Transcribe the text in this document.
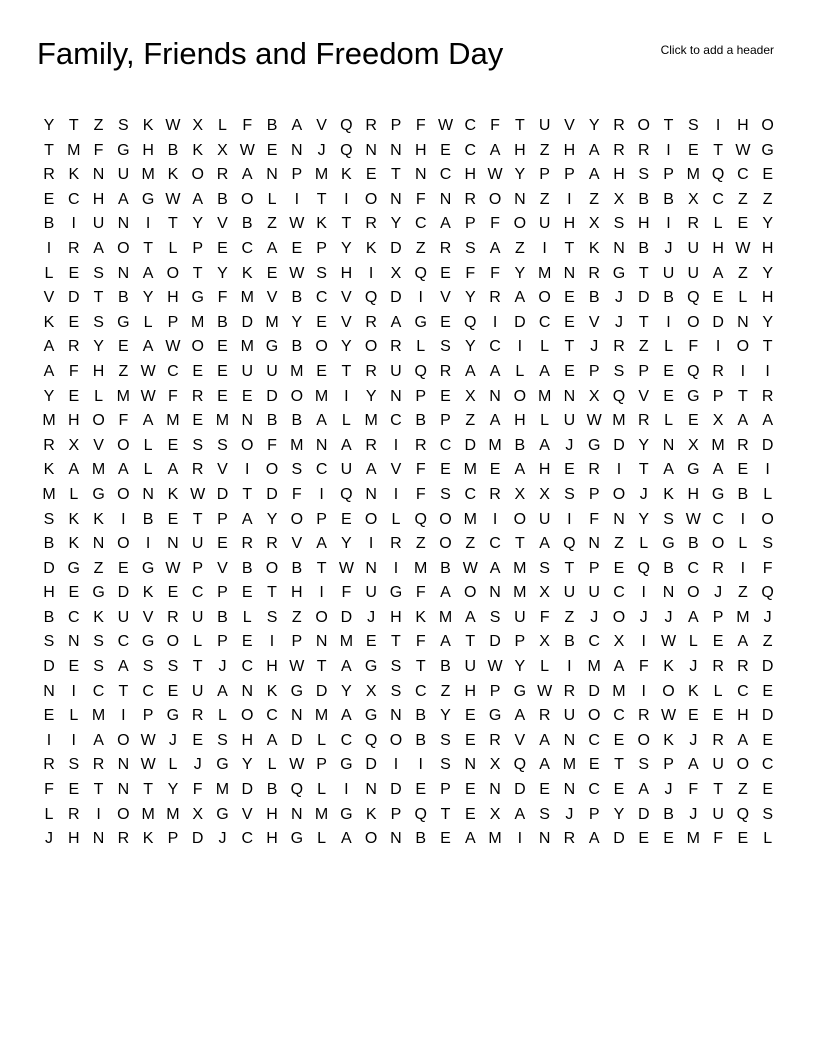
Family, Friends and Freedom Day	Click to add a header
Y T Z S K W X L F B A V Q R P F W C F T U V Y R O T S	I	H O
T M F G H B K X W E N J Q N N H E C A H Z H A R R	I	E T W G
R K N U M K O R A N P M K E T N C H W Y P P A H S P M Q C E
E C H A G W A B O L	I	T	I	O N F N R O N Z	I	Z X B B X C Z Z
B	I	U N	I	T Y V B Z W K T R Y C A P F O U H X S H	I	R L E Y
I	R A O T L P E C A E P Y K D Z R S A Z	I	T K N B J U H W H
L E S N A O T Y K E W S H	I	X Q E F F Y M N R G T U U A Z Y
V D T B Y H G F M V B C V Q D	I	V Y R A O E B J D B Q E L H
K E S G L P M B D M Y E V R A G E Q	I	D C E V J T	I	O D N Y
A R Y E A W O E M G B O Y O R L S Y C	I	L T J R Z L F	I	O T
A F H Z W C E E U U M E T R U Q R A A L A E P S P E Q R	I	I
Y E L M W F R E E D O M I	Y N P E X N O M N X Q V E G P T R
M H O F A M E M N B B A L M C B P Z A H L U W M R L E X A A
R X V O L E S S O F M N A R	I	R C D M B A J G D Y N X M R D
K A M A L A R V	I	O S C U A V F E M E A H E R	I	T A G A E	I
M L G O N K W D T D F	I	Q N	I	F S C R X X S P O J K H G B L
S K K	I	B E T P A Y O P E O L Q O M I	O U	I	F N Y S W C	I	O
B K N O	I	N U E R R V A Y	I	R Z O Z C T A Q N Z L G B O L S
D G Z E G W P V B O B T W N	I M B W A M S T P E Q B C R	I	F
H E G D K E C P E T H	I	F U G F A O N M X U U C	I	N O J Z Q
B C K U V R U B L S Z O D J H K M A S U F Z J O J	J A P M J
S N S C G O L P E	I	P N M E T F A T D P X B C X	I W L E A Z
D E S A S S T J C H W T A G S T B U W Y L	I M A F K J R R D
N	I	C T C E U A N K G D Y X S C Z H P G W R D M I	O K L C E
E L M I	P G R L O C N M A G N B Y E G A R U O C R W E E H D
I	I	A O W J E S H A D L C Q O B S E R V A N C E O K J R A E
R S R N W L	J G Y L W P G D	I	I	S N X Q A M E T S P A U O C
F E T N T Y F M D B Q L	I	N D E P E N D E N C E A J F T Z E
L R	I	O M M X G V H N M G K P Q T E X A S J P Y D B J U Q S
J H N R K P D J C H G L A O N B E A M I	N R A D E E M F E L
